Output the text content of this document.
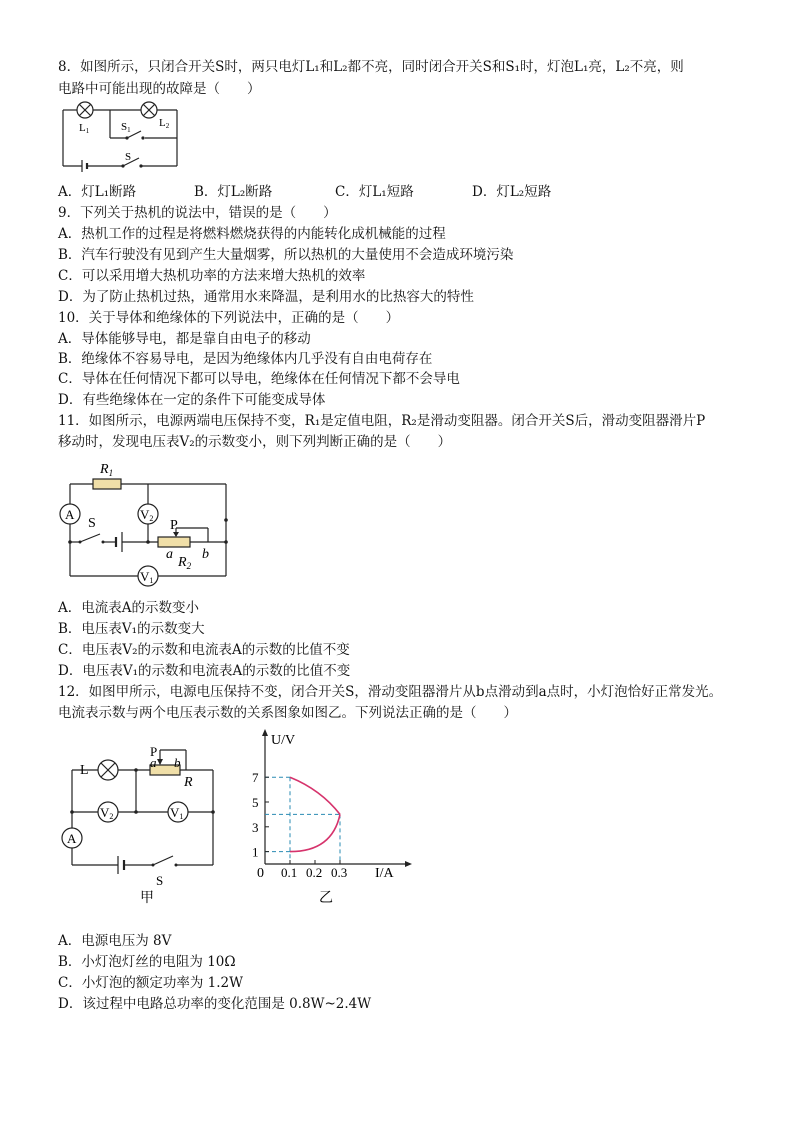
8．如图所示，只闭合开关S时，两只电灯L₁和L₂都不亮，同时闭合开关S和S₁时，灯泡L₁亮，L₂不亮，则
电路中可能出现的故障是（　　）
L1	S1
L2
S
A．灯L₁断路	B．灯L₂断路	C．灯L₁短路	D．灯L₂短路
9．下列关于热机的说法中，错误的是（　　）
A．热机工作的过程是将燃料燃烧获得的内能转化成机械能的过程
B．汽车行驶没有见到产生大量烟雾，所以热机的大量使用不会造成环境污染
C．可以采用增大热机功率的方法来增大热机的效率
D．为了防止热机过热，通常用水来降温，是利用水的比热容大的特性
10．关于导体和绝缘体的下列说法中，正确的是（　　）
A．导体能够导电，都是靠自由电子的移动
B．绝缘体不容易导电，是因为绝缘体内几乎没有自由电荷存在
C．导体在任何情况下都可以导电，绝缘体在任何情况下都不会导电
D．有些绝缘体在一定的条件下可能变成导体
11．如图所示，电源两端电压保持不变，R₁是定值电阻，R₂是滑动变阻器。闭合开关S后，滑动变阻器滑片P
移动时，发现电压表V₂的示数变小，则下列判断正确的是（　　）
$R_1$
A	V2
S	P
a b
$R_2$
V1
A．电流表A的示数变小
B．电压表V₁的示数变大
C．电压表V₂的示数和电流表A的示数的比值不变
D．电压表V₁的示数和电流表A的示数的比值不变
12．如图甲所示，电源电压保持不变，闭合开关S，滑动变阻器滑片从b点滑动到a点时，小灯泡恰好正常发光。
电流表示数与两个电压表示数的关系图象如图乙。下列说法正确的是（　　）
L
P
a b
R
V2	V1
A
S
甲
0.1 0.2 0.3
1
3
5
7
U/V
I/A
0
乙
A．电源电压为 8V
B．小灯泡灯丝的电阻为 10Ω
C．小灯泡的额定功率为 1.2W
D．该过程中电路总功率的变化范围是 0.8W~2.4W
